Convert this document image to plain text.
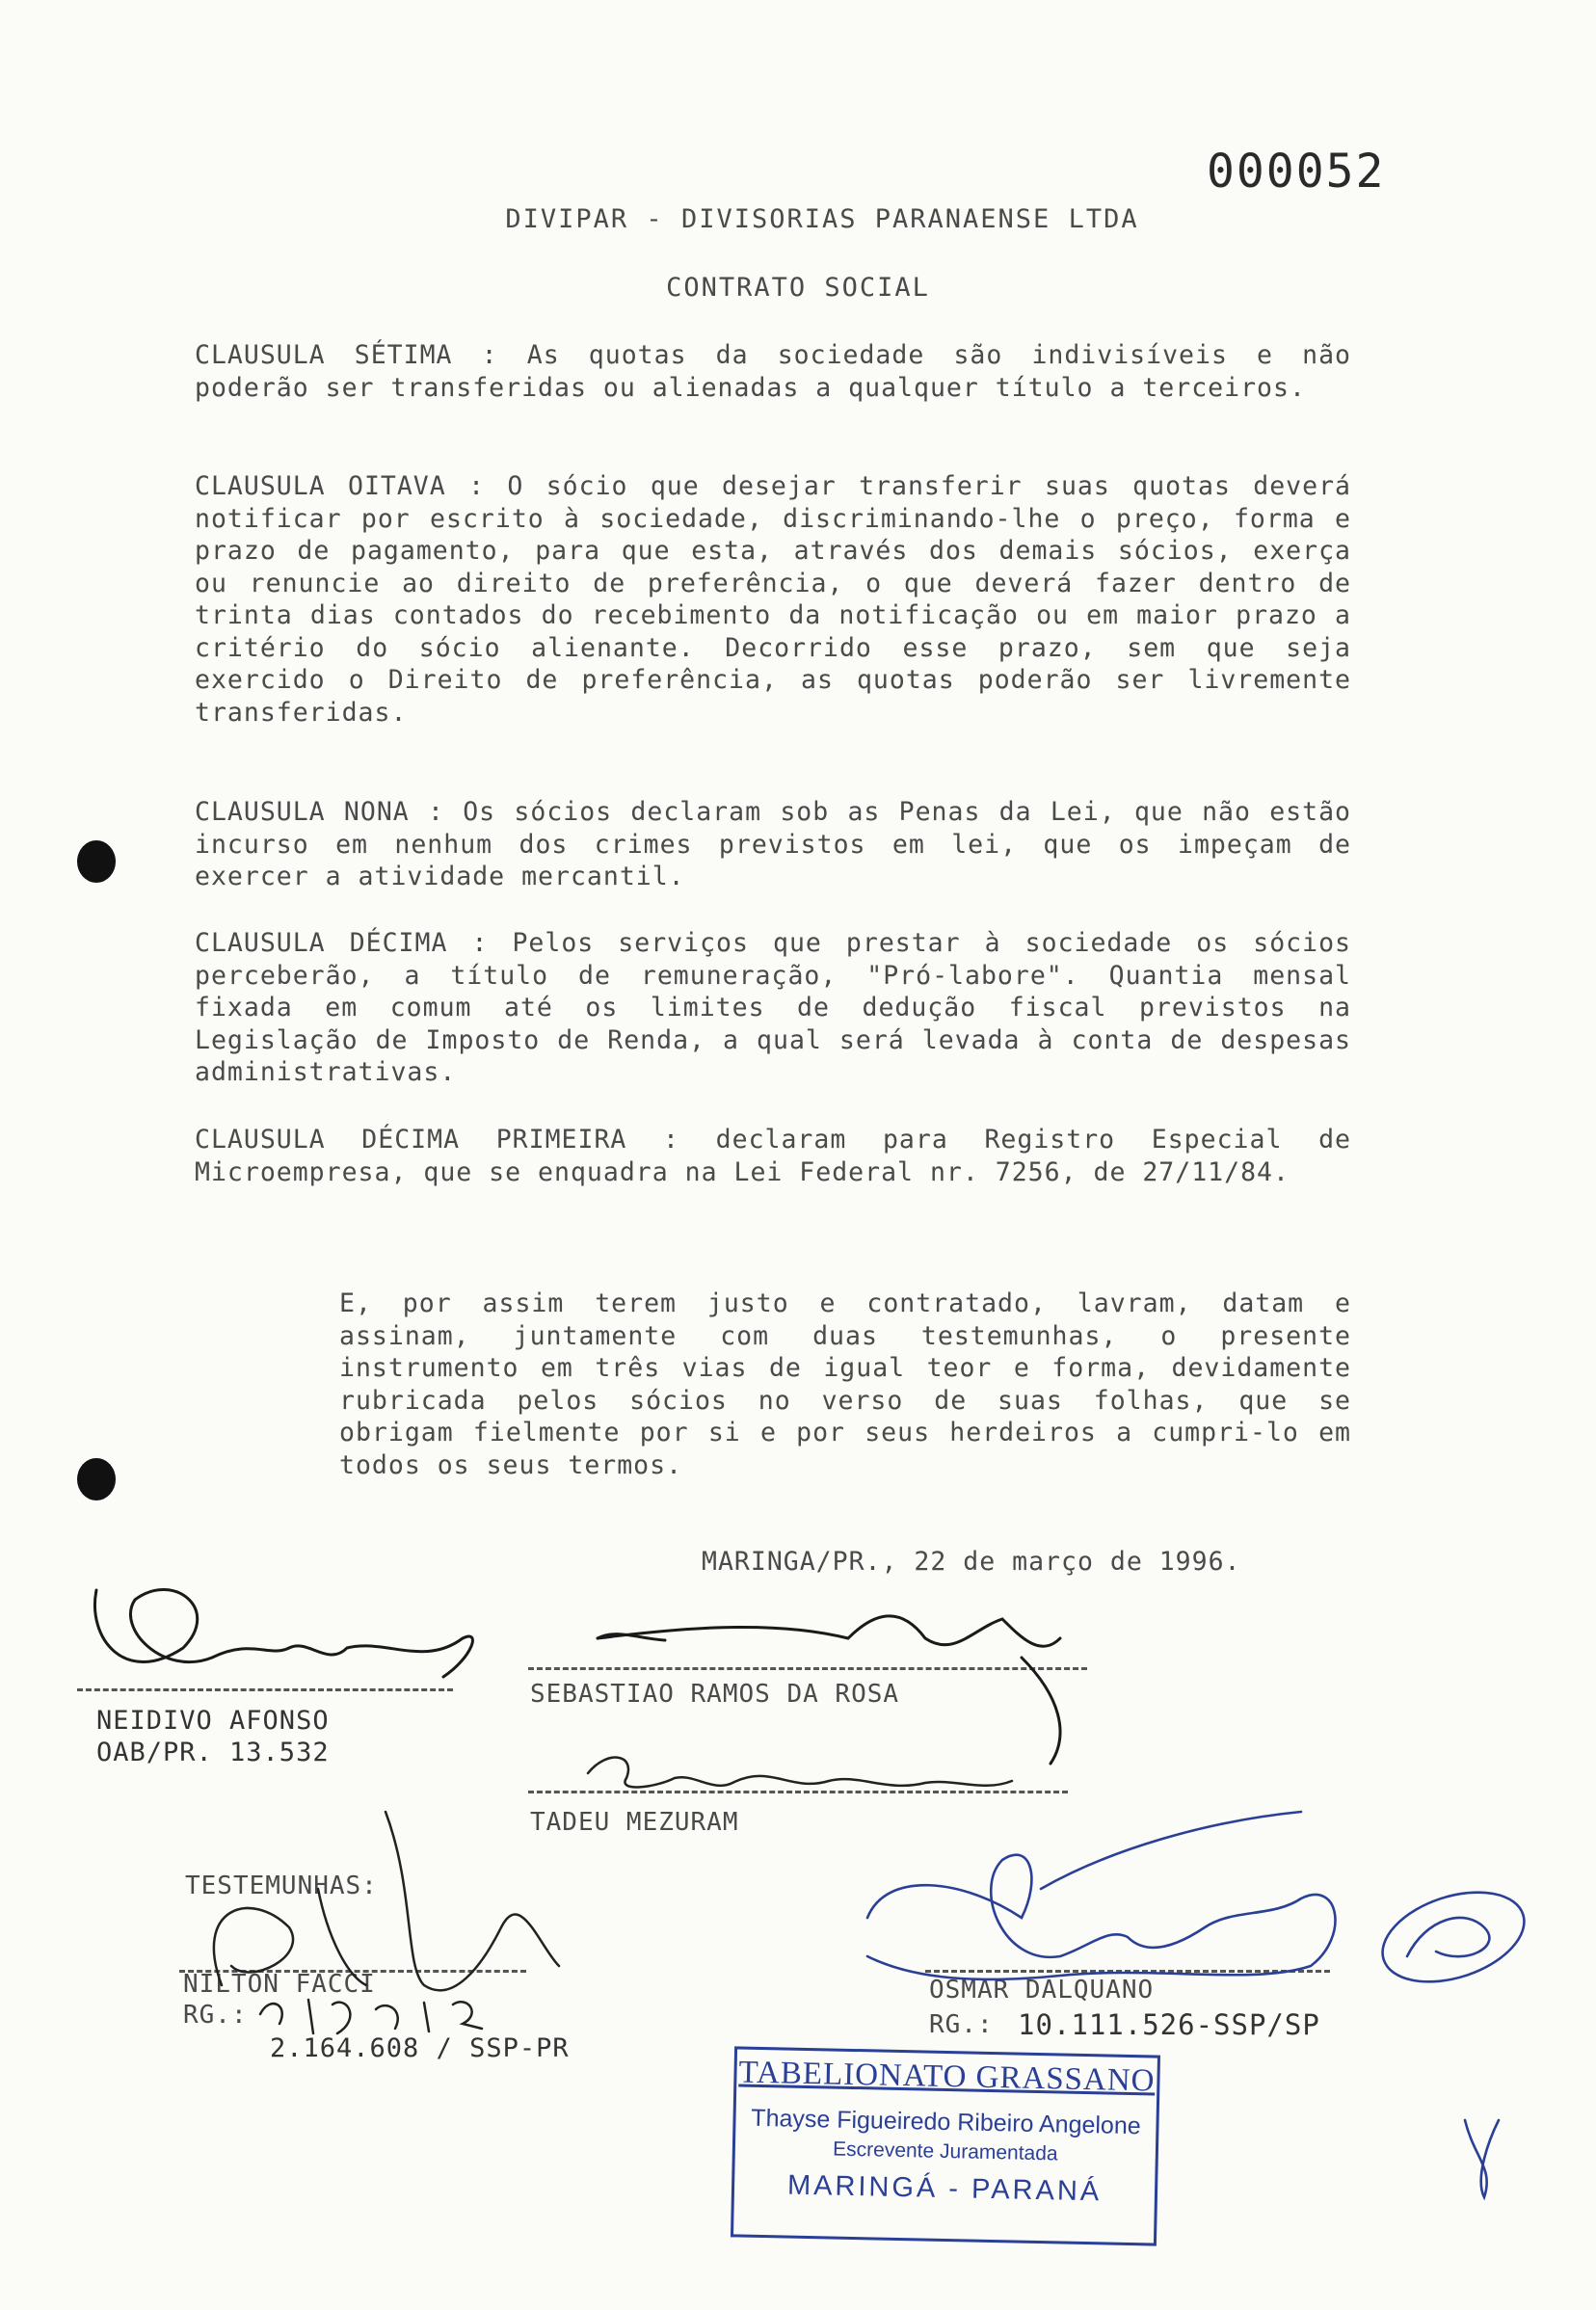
000052
DIVIPAR - DIVISORIAS PARANAENSE LTDA
CONTRATO SOCIAL
CLAUSULA SÉTIMA : As quotas da sociedade são indivisíveis e não poderão ser transferidas ou alienadas a qualquer título a terceiros.
CLAUSULA OITAVA : O sócio que desejar transferir suas quotas deverá notificar por escrito à sociedade, discriminando-lhe o preço, forma e prazo de pagamento, para que esta, através dos demais sócios, exerça ou renuncie ao direito de preferência, o que deverá fazer dentro de trinta dias contados do recebimento da notificação ou em maior prazo a critério do sócio alienante. Decorrido esse prazo, sem que seja exercido o Direito de preferência, as quotas poderão ser livremente transferidas.
CLAUSULA NONA : Os sócios declaram sob as Penas da Lei, que não estão incurso em nenhum dos crimes previstos em lei, que os impeçam de exercer a atividade mercantil.
CLAUSULA DÉCIMA : Pelos serviços que prestar à sociedade os sócios perceberão, a título de remuneração, "Pró-labore". Quantia mensal fixada em comum até os limites de dedução fiscal previstos na Legislação de Imposto de Renda, a qual será levada à conta de despesas administrativas.
CLAUSULA DÉCIMA PRIMEIRA : declaram para Registro Especial de Microempresa, que se enquadra na Lei Federal nr. 7256, de 27/11/84.
E, por assim terem justo e contratado, lavram, datam e assinam, juntamente com duas testemunhas, o presente instrumento em três vias de igual teor e forma, devidamente rubricada pelos sócios no verso de suas folhas, que se obrigam fielmente por si e por seus herdeiros a cumpri-lo em todos os seus termos.
MARINGA/PR., 22 de março de 1996.
NEIDIVO AFONSO
OAB/PR. 13.532
SEBASTIAO RAMOS DA ROSA
TADEU MEZURAM
TESTEMUNHAS:
NILTON FACCI
RG.:
2.164.608 / SSP-PR
OSMAR DALQUANO
RG.: 10.111.526-SSP/SP
TABELIONATO GRASSANO
Thayse Figueiredo Ribeiro Angelone
Escrevente Juramentada
MARINGÁ - PARANÁ
